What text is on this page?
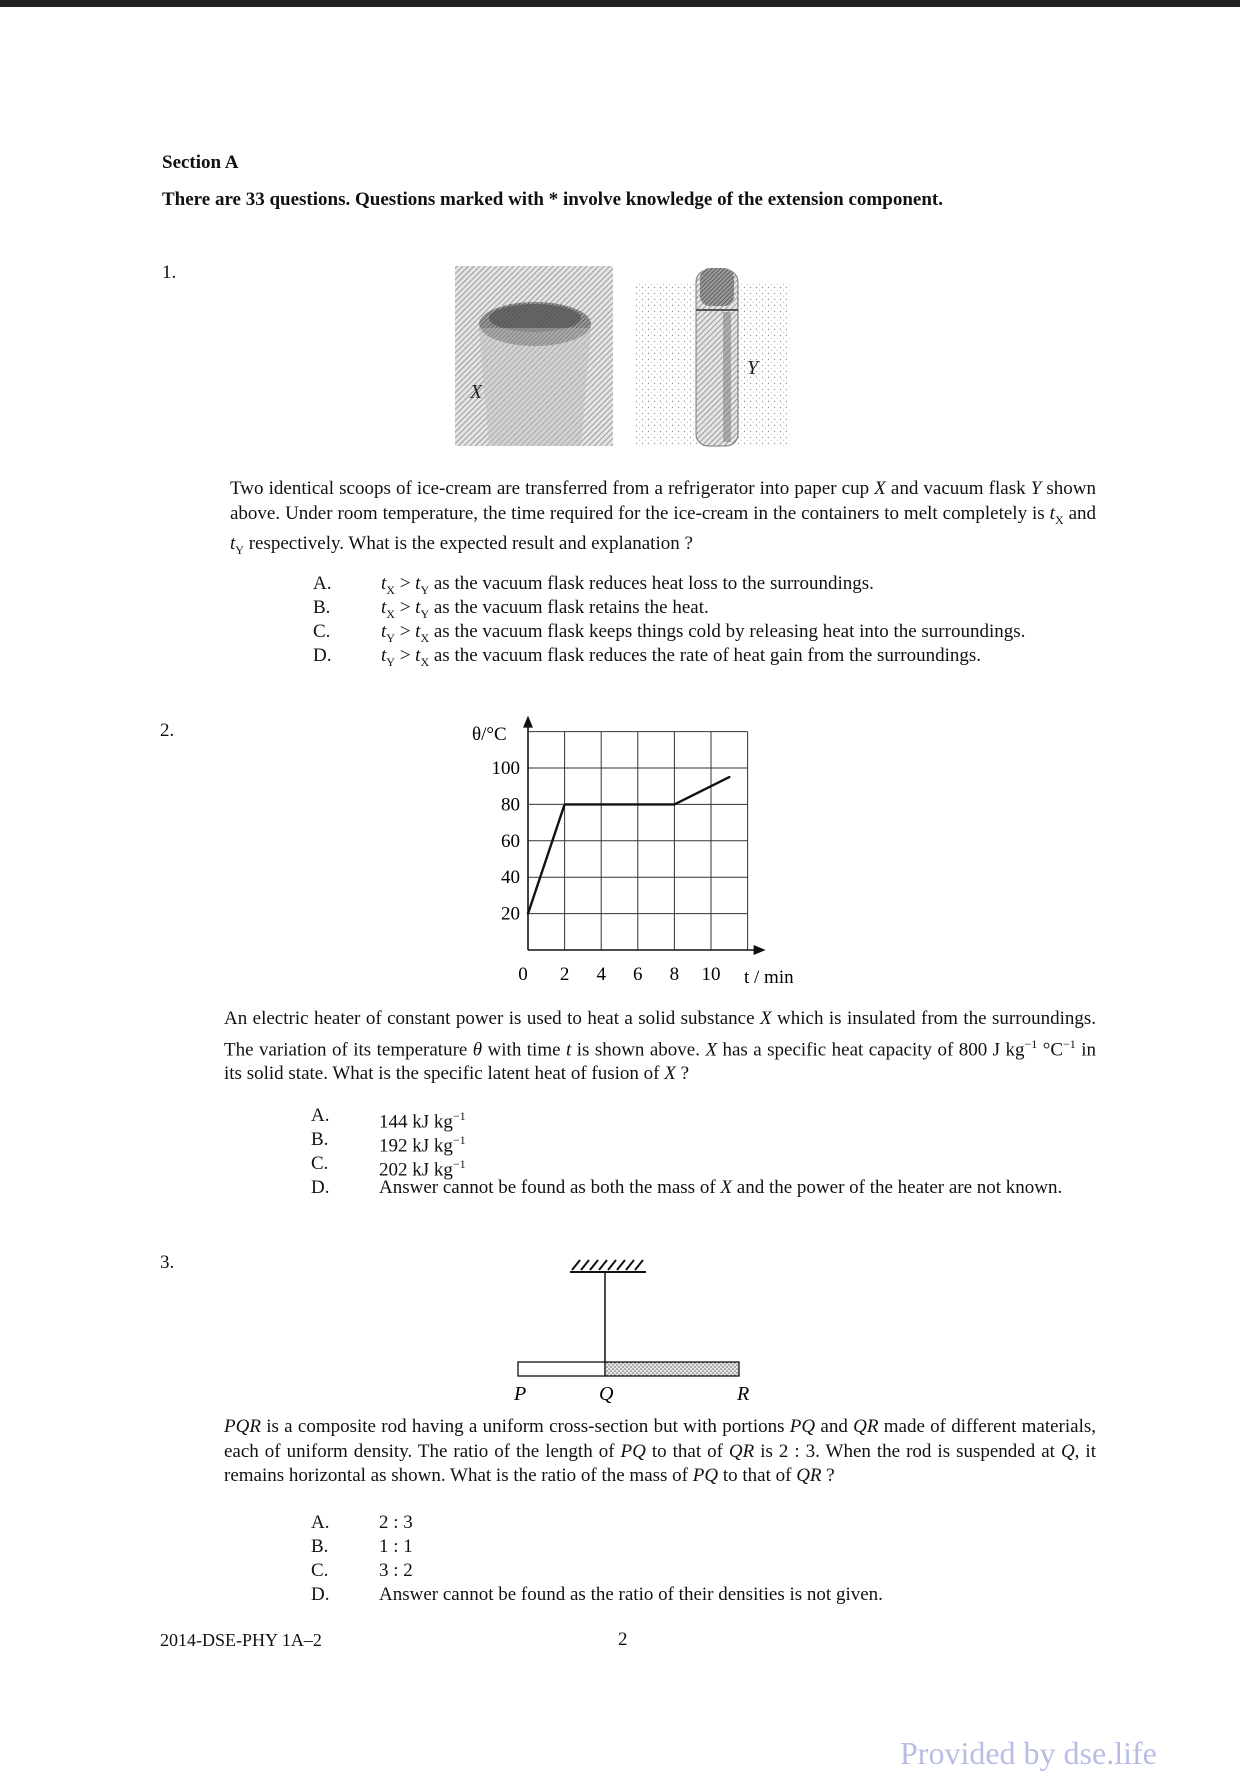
Section A
There are 33 questions. Questions marked with * involve knowledge of the extension component.
1.
X
Y
Two identical scoops of ice-cream are transferred from a refrigerator into paper cup X and vacuum flask Y shown above. Under room temperature, the time required for the ice-cream in the containers to melt completely is $t_X$ and $t_Y$ respectively. What is the expected result and explanation ?
A.	$t_X > t_Y$ as the vacuum flask reduces heat loss to the surroundings.
B.	$t_X > t_Y$ as the vacuum flask retains the heat.
C.	$t_Y > t_X$ as the vacuum flask keeps things cold by releasing heat into the surroundings.
D.	$t_Y > t_X$ as the vacuum flask reduces the rate of heat gain from the surroundings.
2.
20
40
60
80
100
0 2 4 6 8 10
θ/°C
t / min
An electric heater of constant power is used to heat a solid substance X which is insulated from the surroundings. The variation of its temperature θ with time t is shown above. X has a specific heat capacity of 800 J $kg^{-1}$ $^\circ C^{-1}$ in its solid state. What is the specific latent heat of fusion of X ?
A.	144 kJ $kg^{-1}$
B.	192 kJ $kg^{-1}$
C.	202 kJ $kg^{-1}$
D.	Answer cannot be found as both the mass of X and the power of the heater are not known.
3.
P	Q	R
PQR is a composite rod having a uniform cross-section but with portions PQ and QR made of different materials, each of uniform density. The ratio of the length of PQ to that of QR is 2 : 3. When the rod is suspended at Q, it remains horizontal as shown. What is the ratio of the mass of PQ to that of QR ?
A.	2 : 3
B.	1 : 1
C.	3 : 2
D.	Answer cannot be found as the ratio of their densities is not given.
2014-DSE-PHY 1A–2	2
Provided by dse.life
